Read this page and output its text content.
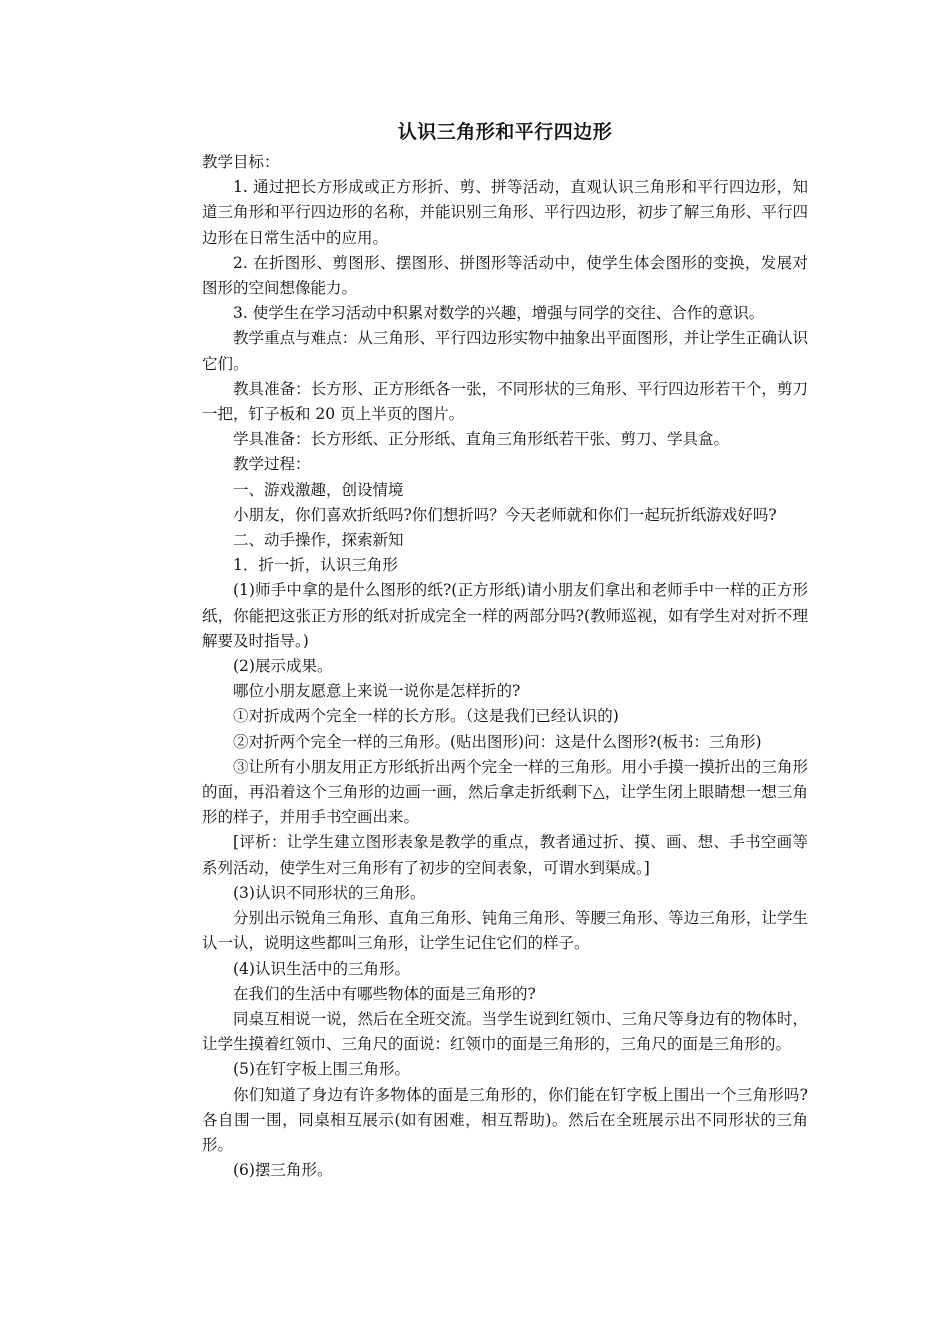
认识三角形和平行四边形

教学目标：

1. 通过把长方形成或正方形折、剪、拼等活动，直观认识三角形和平行四边形，知道三角形和平行四边形的名称，并能识别三角形、平行四边形，初步了解三角形、平行四边形在日常生活中的应用。

2. 在折图形、剪图形、摆图形、拼图形等活动中，使学生体会图形的变换，发展对图形的空间想像能力。

3. 使学生在学习活动中积累对数学的兴趣，增强与同学的交往、合作的意识。

教学重点与难点：从三角形、平行四边形实物中抽象出平面图形，并让学生正确认识它们。

教具准备：长方形、正方形纸各一张，不同形状的三角形、平行四边形若干个，剪刀一把，钉子板和 20 页上半页的图片。

学具准备：长方形纸、正分形纸、直角三角形纸若干张、剪刀、学具盒。

教学过程：

一、游戏激趣，创设情境

小朋友，你们喜欢折纸吗?你们想折吗？今天老师就和你们一起玩折纸游戏好吗?

二、动手操作，探索新知

1．折一折，认识三角形

(1)师手中拿的是什么图形的纸?(正方形纸)请小朋友们拿出和老师手中一样的正方形纸，你能把这张正方形的纸对折成完全一样的两部分吗?(教师巡视，如有学生对对折不理解要及时指导。)

(2)展示成果。

哪位小朋友愿意上来说一说你是怎样折的?

①对折成两个完全一样的长方形。（这是我们已经认识的)

②对折两个完全一样的三角形。(贴出图形)问：这是什么图形?(板书：三角形)

③让所有小朋友用正方形纸折出两个完全一样的三角形。用小手摸一摸折出的三角形的面，再沿着这个三角形的边画一画，然后拿走折纸剩下△，让学生闭上眼睛想一想三角形的样子，并用手书空画出来。

[评析：让学生建立图形表象是教学的重点，教者通过折、摸、画、想、手书空画等系列活动，使学生对三角形有了初步的空间表象，可谓水到渠成。]

(3)认识不同形状的三角形。

分别出示锐角三角形、直角三角形、钝角三角形、等腰三角形、等边三角形，让学生认一认，说明这些都叫三角形，让学生记住它们的样子。

(4)认识生活中的三角形。

在我们的生活中有哪些物体的面是三角形的?

同桌互相说一说，然后在全班交流。当学生说到红领巾、三角尺等身边有的物体时，让学生摸着红领巾、三角尺的面说：红领巾的面是三角形的，三角尺的面是三角形的。

(5)在钉字板上围三角形。

你们知道了身边有许多物体的面是三角形的，你们能在钉字板上围出一个三角形吗?各自围一围，同桌相互展示(如有困难，相互帮助)。然后在全班展示出不同形状的三角形。

(6)摆三角形。
